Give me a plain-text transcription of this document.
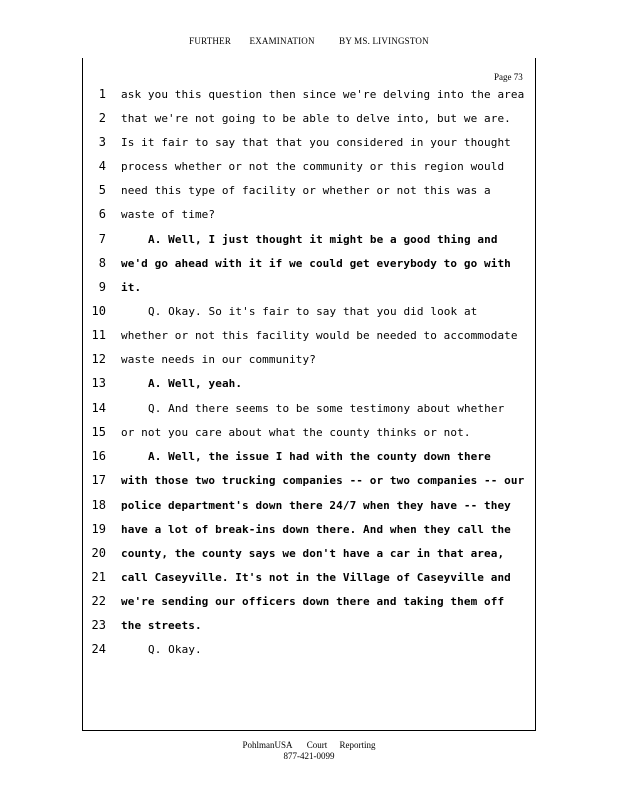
FURTHER EXAMINATION	BY MS. LIVINGSTON
Page 73
1 ask you this question then since we're delving into the area
2 that we're not going to be able to delve into, but we are.
3 Is it fair to say that that you considered in your thought
4 process whether or not the community or this region would
5 need this type of facility or whether or not this was a
6 waste of time?
7	A. Well, I just thought it might be a good thing and
8 we'd go ahead with it if we could get everybody to go with
9 it.
10	Q. Okay. So it's fair to say that you did look at
11 whether or not this facility would be needed to accommodate
12 waste needs in our community?
13	A. Well, yeah.
14	Q. And there seems to be some testimony about whether
15 or not you care about what the county thinks or not.
16	A. Well, the issue I had with the county down there
17 with those two trucking companies -- or two companies -- our
18 police department's down there 24/7 when they have -- they
19 have a lot of break-ins down there. And when they call the
20 county, the county says we don't have a car in that area,
21 call Caseyville. It's not in the Village of Caseyville and
22 we're sending our officers down there and taking them off
23 the streets.
24	Q. Okay.
PohlmanUSA Court Reporting
877-421-0099
